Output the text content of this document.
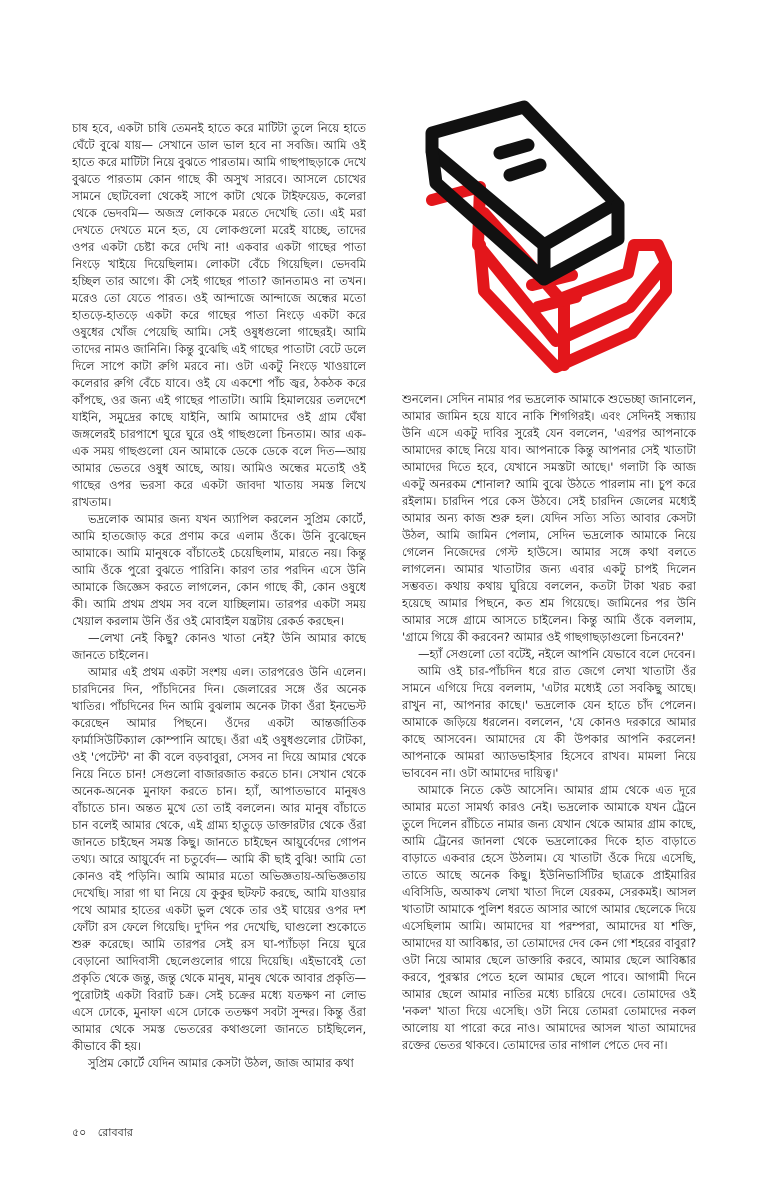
চাষ হবে, একটা চাষি তেমনই হাতে করে মাটিটা তুলে নিয়ে হাতে ঘেঁটে বুঝে যায়— সেখানে ডাল ভাল হবে না সবজি। আমি ওই হাতে করে মাটিটা নিয়ে বুঝতে পারতাম। আমি গাছপাছড়াকে দেখে বুঝতে পারতাম কোন গাছে কী অসুখ সারবে। আসলে চোখের সামনে ছোটবেলা থেকেই সাপে কাটা থেকে টাইফয়েড, কলেরা থেকে ভেদবমি— অজস্র লোককে মরতে দেখেছি তো। এই মরা দেখতে দেখতে মনে হত, যে লোকগুলো মরেই যাচ্ছে, তাদের ওপর একটা চেষ্টা করে দেখি না! একবার একটা গাছের পাতা নিংড়ে খাইয়ে দিয়েছিলাম। লোকটা বেঁচে গিয়েছিল। ভেদবমি হচ্ছিল তার আগে। কী সেই গাছের পাতা? জানতামও না তখন। মরেও তো যেতে পারত। ওই আন্দাজে আন্দাজে অন্ধের মতো হাতড়ে-হাতড়ে একটা করে গাছের পাতা নিংড়ে একটা করে ওষুধের খোঁজ পেয়েছি আমি। সেই ওষুধগুলো গাছেরই। আমি তাদের নামও জানিনি। কিন্তু বুঝেছি এই গাছের পাতাটা বেটে ডলে দিলে সাপে কাটা রুগি মরবে না। ওটা একটু নিংড়ে খাওয়ালে কলেরার রুগি বেঁচে যাবে। ওই যে একশো পাঁচ জ্বর, ঠকঠক করে কাঁপছে, ওর জন্য এই গাছের পাতাটা। আমি হিমালয়ের তলদেশে যাইনি, সমুদ্রের কাছে যাইনি, আমি আমাদের ওই গ্রাম ঘেঁষা জঙ্গলেরই চারপাশে ঘুরে ঘুরে ওই গাছগুলো চিনতাম। আর এক-এক সময় গাছগুলো যেন আমাকে ডেকে ডেকে বলে দিত—আয় আমার ভেতরে ওষুধ আছে, আয়। আমিও অন্ধের মতোই ওই গাছের ওপর ভরসা করে একটা জাবদা খাতায় সমস্ত লিখে রাখতাম।

ভদ্রলোক আমার জন্য যখন অ্যাপিল করলেন সুপ্রিম কোর্টে, আমি হাতজোড় করে প্রণাম করে এলাম ওঁকে। উনি বুঝেছেন আমাকে। আমি মানুষকে বাঁচাতেই চেয়েছিলাম, মারতে নয়। কিন্তু আমি ওঁকে পুরো বুঝতে পারিনি। কারণ তার পরদিন এসে উনি আমাকে জিজ্ঞেস করতে লাগলেন, কোন গাছে কী, কোন ওষুধে কী। আমি প্রথম প্রথম সব বলে যাচ্ছিলাম। তারপর একটা সময় খেয়াল করলাম উনি ওঁর ওই মোবাইল যন্ত্রটায় রেকর্ড করছেন।

—লেখা নেই কিছু? কোনও খাতা নেই? উনি আমার কাছে জানতে চাইলেন।

আমার এই প্রথম একটা সংশয় এল। তারপরেও উনি এলেন। চারদিনের দিন, পাঁচদিনের দিন। জেলারের সঙ্গে ওঁর অনেক খাতির। পাঁচদিনের দিন আমি বুঝলাম অনেক টাকা ওঁরা ইনভেস্ট করেছেন আমার পিছনে। ওঁদের একটা আন্তর্জাতিক ফার্মাসিউটিক্যাল কোম্পানি আছে। ওঁরা এই ওষুধগুলোর টোটকা, ওই 'পেটেন্ট' না কী বলে বড়বাবুরা, সেসব না দিয়ে আমার থেকে নিয়ে নিতে চান! সেগুলো বাজারজাত করতে চান। সেখান থেকে অনেক-অনেক মুনাফা করতে চান। হ্যাঁ, আপাতভাবে মানুষও বাঁচাতে চান। অন্তত মুখে তো তাই বললেন। আর মানুষ বাঁচাতে চান বলেই আমার থেকে, এই গ্রাম্য হাতুড়ে ডাক্তারটার থেকে ওঁরা জানতে চাইছেন সমস্ত কিছু। জানতে চাইছেন আয়ুর্বেদের গোপন তথ্য। আরে আয়ুর্বেদ না চতুর্বেদ— আমি কী ছাই বুঝি! আমি তো কোনও বই পড়িনি। আমি আমার মতো অভিজ্ঞতায়-অভিজ্ঞতায় দেখেছি। সারা গা ঘা নিয়ে যে কুকুর ছটফট করছে, আমি যাওয়ার পথে আমার হাতের একটা ভুল থেকে তার ওই ঘায়ের ওপর দশ ফোঁটা রস ফেলে গিয়েছি। দু'দিন পর দেখেছি, ঘাগুলো শুকোতে শুরু করেছে। আমি তারপর সেই রস ঘা-প্যাঁচড়া নিয়ে ঘুরে বেড়ানো আদিবাসী ছেলেগুলোর গায়ে দিয়েছি। এইভাবেই তো প্রকৃতি থেকে জন্তু, জন্তু থেকে মানুষ, মানুষ থেকে আবার প্রকৃতি— পুরোটাই একটা বিরাট চক্র। সেই চক্রের মধ্যে যতক্ষণ না লোভ এসে ঢোকে, মুনাফা এসে ঢোকে ততক্ষণ সবটা সুন্দর। কিন্তু ওঁরা আমার থেকে সমস্ত ভেতরের কথাগুলো জানতে চাইছিলেন, কীভাবে কী হয়।

সুপ্রিম কোর্টে যেদিন আমার কেসটা উঠল, জাজ আমার কথা

শুনলেন। সেদিন নামার পর ভদ্রলোক আমাকে শুভেচ্ছা জানালেন, আমার জামিন হয়ে যাবে নাকি শিগগিরই। এবং সেদিনই সন্ধ্যায় উনি এসে একটু দাবির সুরেই যেন বললেন, 'এরপর আপনাকে আমাদের কাছে নিয়ে যাব। আপনাকে কিন্তু আপনার সেই খাতাটা আমাদের দিতে হবে, যেখানে সমস্তটা আছে।' গলাটা কি আজ একটু অনরকম শোনাল? আমি বুঝে উঠতে পারলাম না। চুপ করে রইলাম। চারদিন পরে কেস উঠবে। সেই চারদিন জেলের মধ্যেই আমার অন্য কাজ শুরু হল। যেদিন সত্যি সত্যি আবার কেসটা উঠল, আমি জামিন পেলাম, সেদিন ভদ্রলোক আমাকে নিয়ে গেলেন নিজেদের গেস্ট হাউসে। আমার সঙ্গে কথা বলতে লাগলেন। আমার খাতাটার জন্য এবার একটু চাপই দিলেন সম্ভবত। কথায় কথায় ঘুরিয়ে বললেন, কতটা টাকা খরচ করা হয়েছে আমার পিছনে, কত শ্রম গিয়েছে। জামিনের পর উনি আমার সঙ্গে গ্রামে আসতে চাইলেন। কিন্তু আমি ওঁকে বললাম, 'গ্রামে গিয়ে কী করবেন? আমার ওই গাছগাছড়াগুলো চিনবেন?'

—হ্যাঁ সেগুলো তো বটেই, নইলে আপনি যেভাবে বলে দেবেন।

আমি ওই চার-পাঁচদিন ধরে রাত জেগে লেখা খাতাটা ওঁর সামনে এগিয়ে দিয়ে বললাম, 'এটার মধ্যেই তো সবকিছু আছে। রাখুন না, আপনার কাছে।' ভদ্রলোক যেন হাতে চাঁদ পেলেন। আমাকে জড়িয়ে ধরলেন। বললেন, 'যে কোনও দরকারে আমার কাছে আসবেন। আমাদের যে কী উপকার আপনি করলেন! আপনাকে আমরা অ্যাডভাইসার হিসেবে রাখব। মামলা নিয়ে ভাববেন না। ওটা আমাদের দায়িত্ব।'

আমাকে নিতে কেউ আসেনি। আমার গ্রাম থেকে এত দূরে আমার মতো সামর্থ্য কারও নেই। ভদ্রলোক আমাকে যখন ট্রেনে তুলে দিলেন রাঁচিতে নামার জন্য যেখান থেকে আমার গ্রাম কাছে, আমি ট্রেনের জানলা থেকে ভদ্রলোকের দিকে হাত বাড়াতে বাড়াতে একবার হেসে উঠলাম। যে খাতাটা ওঁকে দিয়ে এসেছি, তাতে আছে অনেক কিছু। ইউনিভার্সিটির ছাত্রকে প্রাইমারির এবিসিডি, অআকখ লেখা খাতা দিলে যেরকম, সেরকমই। আসল খাতাটা আমাকে পুলিশ ধরতে আসার আগে আমার ছেলেকে দিয়ে এসেছিলাম আমি। আমাদের যা পরম্পরা, আমাদের যা শক্তি, আমাদের যা আবিষ্কার, তা তোমাদের দেব কেন গো শহরের বাবুরা? ওটা নিয়ে আমার ছেলে ডাক্তারি করবে, আমার ছেলে আবিষ্কার করবে, পুরস্কার পেতে হলে আমার ছেলে পাবে। আগামী দিনে আমার ছেলে আমার নাতির মধ্যে চারিয়ে দেবে। তোমাদের ওই 'নকল' খাতা দিয়ে এসেছি। ওটা নিয়ে তোমরা তোমাদের নকল আলোয় যা পারো করে নাও। আমাদের আসল খাতা আমাদের রক্তের ভেতর থাকবে। তোমাদের তার নাগাল পেতে দেব না।

৫০ রোববার
